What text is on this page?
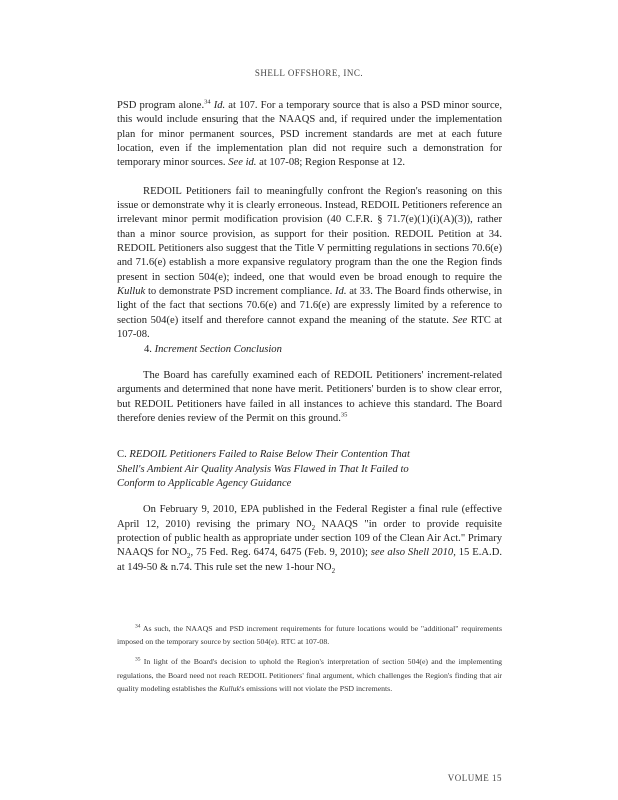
SHELL OFFSHORE, INC.

PSD program alone.$^{34}$ Id. at 107. For a temporary source that is also a PSD minor source, this would include ensuring that the NAAQS and, if required under the implementation plan for minor permanent sources, PSD increment standards are met at each future location, even if the implementation plan did not require such a demonstration for temporary minor sources. See id. at 107-08; Region Response at 12.

REDOIL Petitioners fail to meaningfully confront the Region's reasoning on this issue or demonstrate why it is clearly erroneous. Instead, REDOIL Petitioners reference an irrelevant minor permit modification provision (40 C.F.R. § 71.7(e)(1)(i)(A)(3)), rather than a minor source provision, as support for their position. REDOIL Petition at 34. REDOIL Petitioners also suggest that the Title V permitting regulations in sections 70.6(e) and 71.6(e) establish a more expansive regulatory program than the one the Region finds present in section 504(e); indeed, one that would even be broad enough to require the Kulluk to demonstrate PSD increment compliance. Id. at 33. The Board finds otherwise, in light of the fact that sections 70.6(e) and 71.6(e) are expressly limited by a reference to section 504(e) itself and therefore cannot expand the meaning of the statute. See RTC at 107-08.

4. Increment Section Conclusion

The Board has carefully examined each of REDOIL Petitioners' increment-related arguments and determined that none have merit. Petitioners' burden is to show clear error, but REDOIL Petitioners have failed in all instances to achieve this standard. The Board therefore denies review of the Permit on this ground.$^{35}$

C. REDOIL Petitioners Failed to Raise Below Their Contention That
Shell's Ambient Air Quality Analysis Was Flawed in That It Failed to
Conform to Applicable Agency Guidance

On February 9, 2010, EPA published in the Federal Register a final rule (effective April 12, 2010) revising the primary $NO_2$ NAAQS "in order to provide requisite protection of public health as appropriate under section 109 of the Clean Air Act." Primary NAAQS for $NO_2$, 75 Fed. Reg. 6474, 6475 (Feb. 9, 2010); see also Shell 2010, 15 E.A.D. at 149-50 & n.74. This rule set the new 1-hour $NO_2$

$^{34}$ As such, the NAAQS and PSD increment requirements for future locations would be "additional" requirements imposed on the temporary source by section 504(e). RTC at 107-08.

$^{35}$ In light of the Board's decision to uphold the Region's interpretation of section 504(e) and the implementing regulations, the Board need not reach REDOIL Petitioners' final argument, which challenges the Region's finding that air quality modeling establishes the Kulluk's emissions will not violate the PSD increments.

VOLUME 15
